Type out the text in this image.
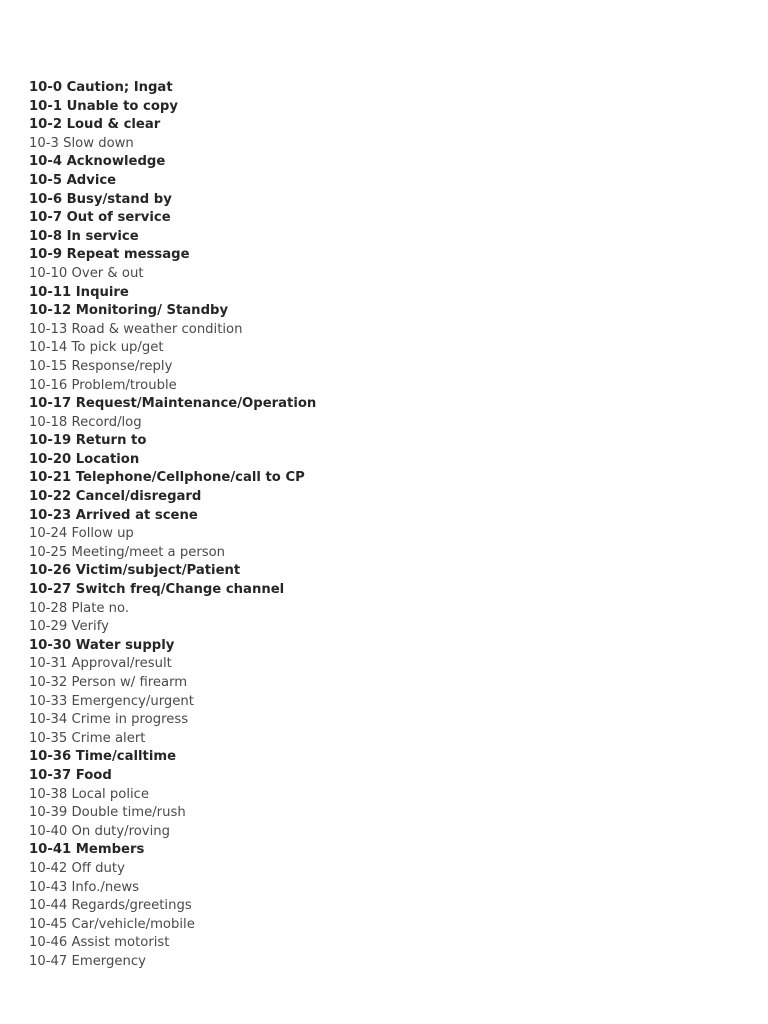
10-0 Caution; Ingat
10-1 Unable to copy
10-2 Loud & clear
10-3 Slow down
10-4 Acknowledge
10-5 Advice
10-6 Busy/stand by
10-7 Out of service
10-8 In service
10-9 Repeat message
10-10 Over & out
10-11 Inquire
10-12 Monitoring/ Standby
10-13 Road & weather condition
10-14 To pick up/get
10-15 Response/reply
10-16 Problem/trouble
10-17 Request/Maintenance/Operation
10-18 Record/log
10-19 Return to
10-20 Location
10-21 Telephone/Cellphone/call to CP
10-22 Cancel/disregard
10-23 Arrived at scene
10-24 Follow up
10-25 Meeting/meet a person
10-26 Victim/subject/Patient
10-27 Switch freq/Change channel
10-28 Plate no.
10-29 Verify
10-30 Water supply
10-31 Approval/result
10-32 Person w/ firearm
10-33 Emergency/urgent
10-34 Crime in progress
10-35 Crime alert
10-36 Time/calltime
10-37 Food
10-38 Local police
10-39 Double time/rush
10-40 On duty/roving
10-41 Members
10-42 Off duty
10-43 Info./news
10-44 Regards/greetings
10-45 Car/vehicle/mobile
10-46 Assist motorist
10-47 Emergency
